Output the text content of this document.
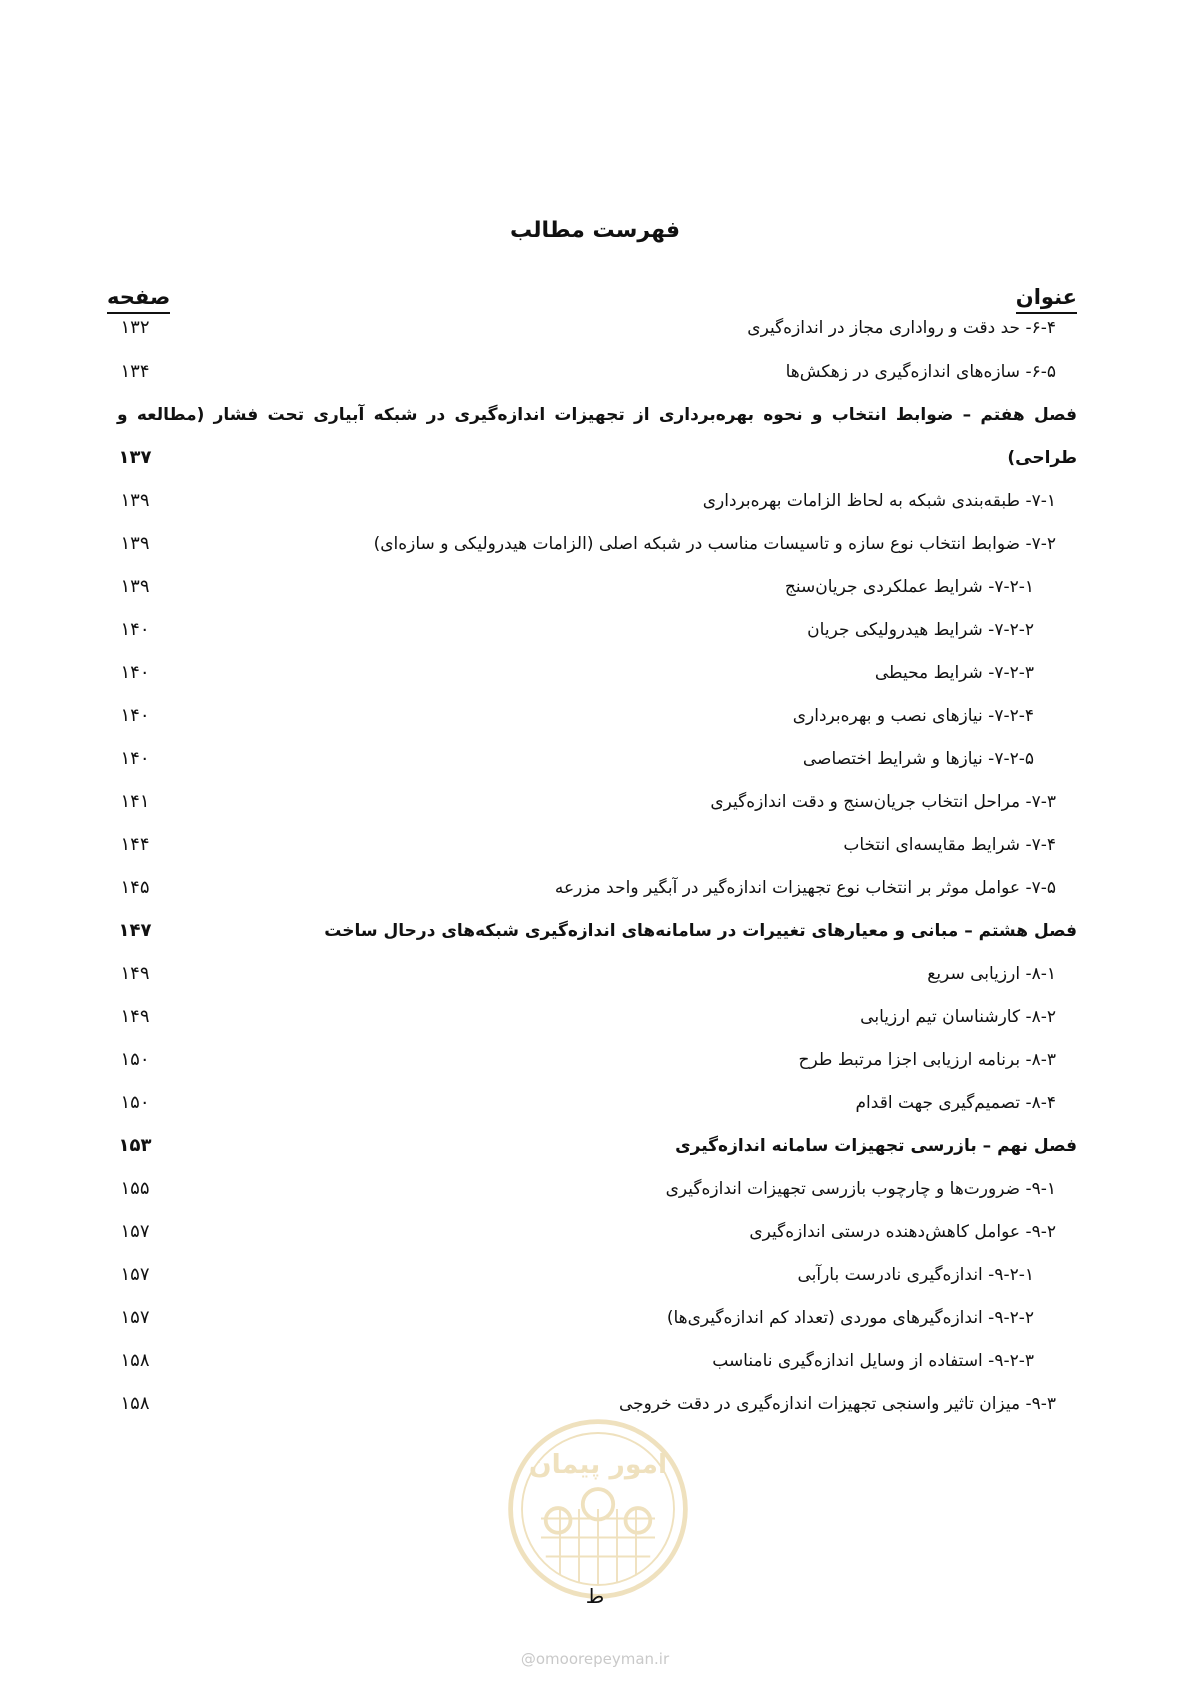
فهرست مطالب
عنوان
صفحه
۶-۴- حد دقت و رواداری مجاز در اندازه‌گیری
۱۳۲
۶-۵- سازه‌های اندازه‌گیری در زهکش‌ها
۱۳۴
فصل هفتم – ضوابط انتخاب و نحوه بهره‌برداری از تجهیزات اندازه‌گیری در شبکه آبیاری تحت فشار (مطالعه و
طراحی)
۱۳۷
۷-۱- طبقه‌بندی شبکه به لحاظ الزامات بهره‌برداری
۱۳۹
۷-۲- ضوابط انتخاب نوع سازه و تاسیسات مناسب در شبکه اصلی (الزامات هیدرولیکی و سازه‌ای)
۱۳۹
۷-۲-۱- شرایط عملکردی جریان‌سنج
۱۳۹
۷-۲-۲- شرایط هیدرولیکی جریان
۱۴۰
۷-۲-۳- شرایط محیطی
۱۴۰
۷-۲-۴- نیازهای نصب و بهره‌برداری
۱۴۰
۷-۲-۵- نیازها و شرایط اختصاصی
۱۴۰
۷-۳- مراحل انتخاب جریان‌سنج و دقت اندازه‌گیری
۱۴۱
۷-۴- شرایط مقایسه‌ای انتخاب
۱۴۴
۷-۵- عوامل موثر بر انتخاب نوع تجهیزات اندازه‌گیر در آبگیر واحد مزرعه
۱۴۵
فصل هشتم – مبانی و معیارهای تغییرات در سامانه‌های اندازه‌گیری شبکه‌های درحال ساخت
۱۴۷
۸-۱- ارزیابی سریع
۱۴۹
۸-۲- کارشناسان تیم ارزیابی
۱۴۹
۸-۳- برنامه ارزیابی اجزا مرتبط طرح
۱۵۰
۸-۴- تصمیم‌گیری جهت اقدام
۱۵۰
فصل نهم – بازرسی تجهیزات سامانه اندازه‌گیری
۱۵۳
۹-۱- ضرورت‌ها و چارچوب بازرسی تجهیزات اندازه‌گیری
۱۵۵
۹-۲- عوامل کاهش‌دهنده درستی اندازه‌گیری
۱۵۷
۹-۲-۱- اندازه‌گیری نادرست بارآبی
۱۵۷
۹-۲-۲- اندازه‌گیرهای موردی (تعداد کم اندازه‌گیری‌ها)
۱۵۷
۹-۲-۳- استفاده از وسایل اندازه‌گیری نامناسب
۱۵۸
۹-۳- میزان تاثیر واسنجی تجهیزات اندازه‌گیری در دقت خروجی
۱۵۸
امور پیمان
ط
@omoorepeyman.ir
